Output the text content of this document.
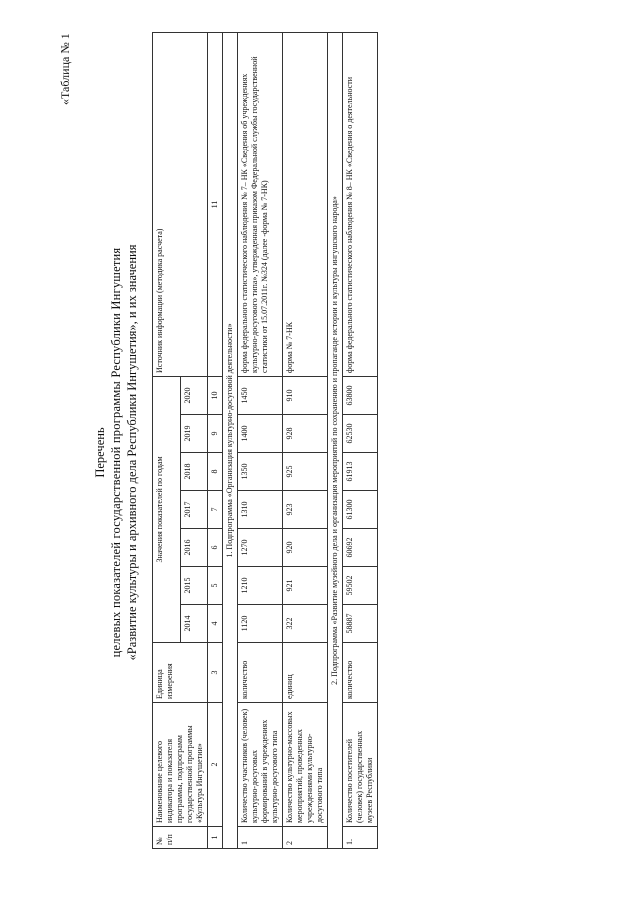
«Таблица № 1
Перечень целевых показателей государственной программы Республики Ингушетия «Развитие культуры и архивного дела Республики Ингушетия», и их значения
№ п/п	Наименование целевого индикатора и показателя программы, подпрограмм государственной программы «Культура Ингушетии»	Единица измерения	Значения показателей по годам							Источник информации (методика расчета)
			2014	2015	2016	2017	2018	2019	2020	
1	2	3	4	5	6	7	8	9	10	11
1. Подпрограмма «Организация культурно-досуговой деятельности»										
1	Количество участников (человек) культурно-досуговых формирований в учреждениях культурно-досугового типа	количество	1120	1210	1270	1310	1350	1400	1450	форма федерального статистического наблюдения № 7– НК «Сведения об учреждениях культурно-досугового типа», утвержденная приказом Федеральной службы государственной статистики от 15.07.2011г. №324 (далее -форма № 7-НК)
2	Количество культурно-массовых мероприятий, проведенных учреждениями культурно-досугового типа	единиц	322	921	920	923	925	928	910	форма № 7-НК
2. Подпрограмма «Развитие музейного дела и организация мероприятий по сохранению и пропаганде истории и культуры ингушского народа»										
1.	Количество посетителей (человек) государственных музеев Республики	количество	58887	59502	60692	61300	61913	62530	63800	форма федерального статистического наблюдения № 8– НК «Сведения о деятельности
